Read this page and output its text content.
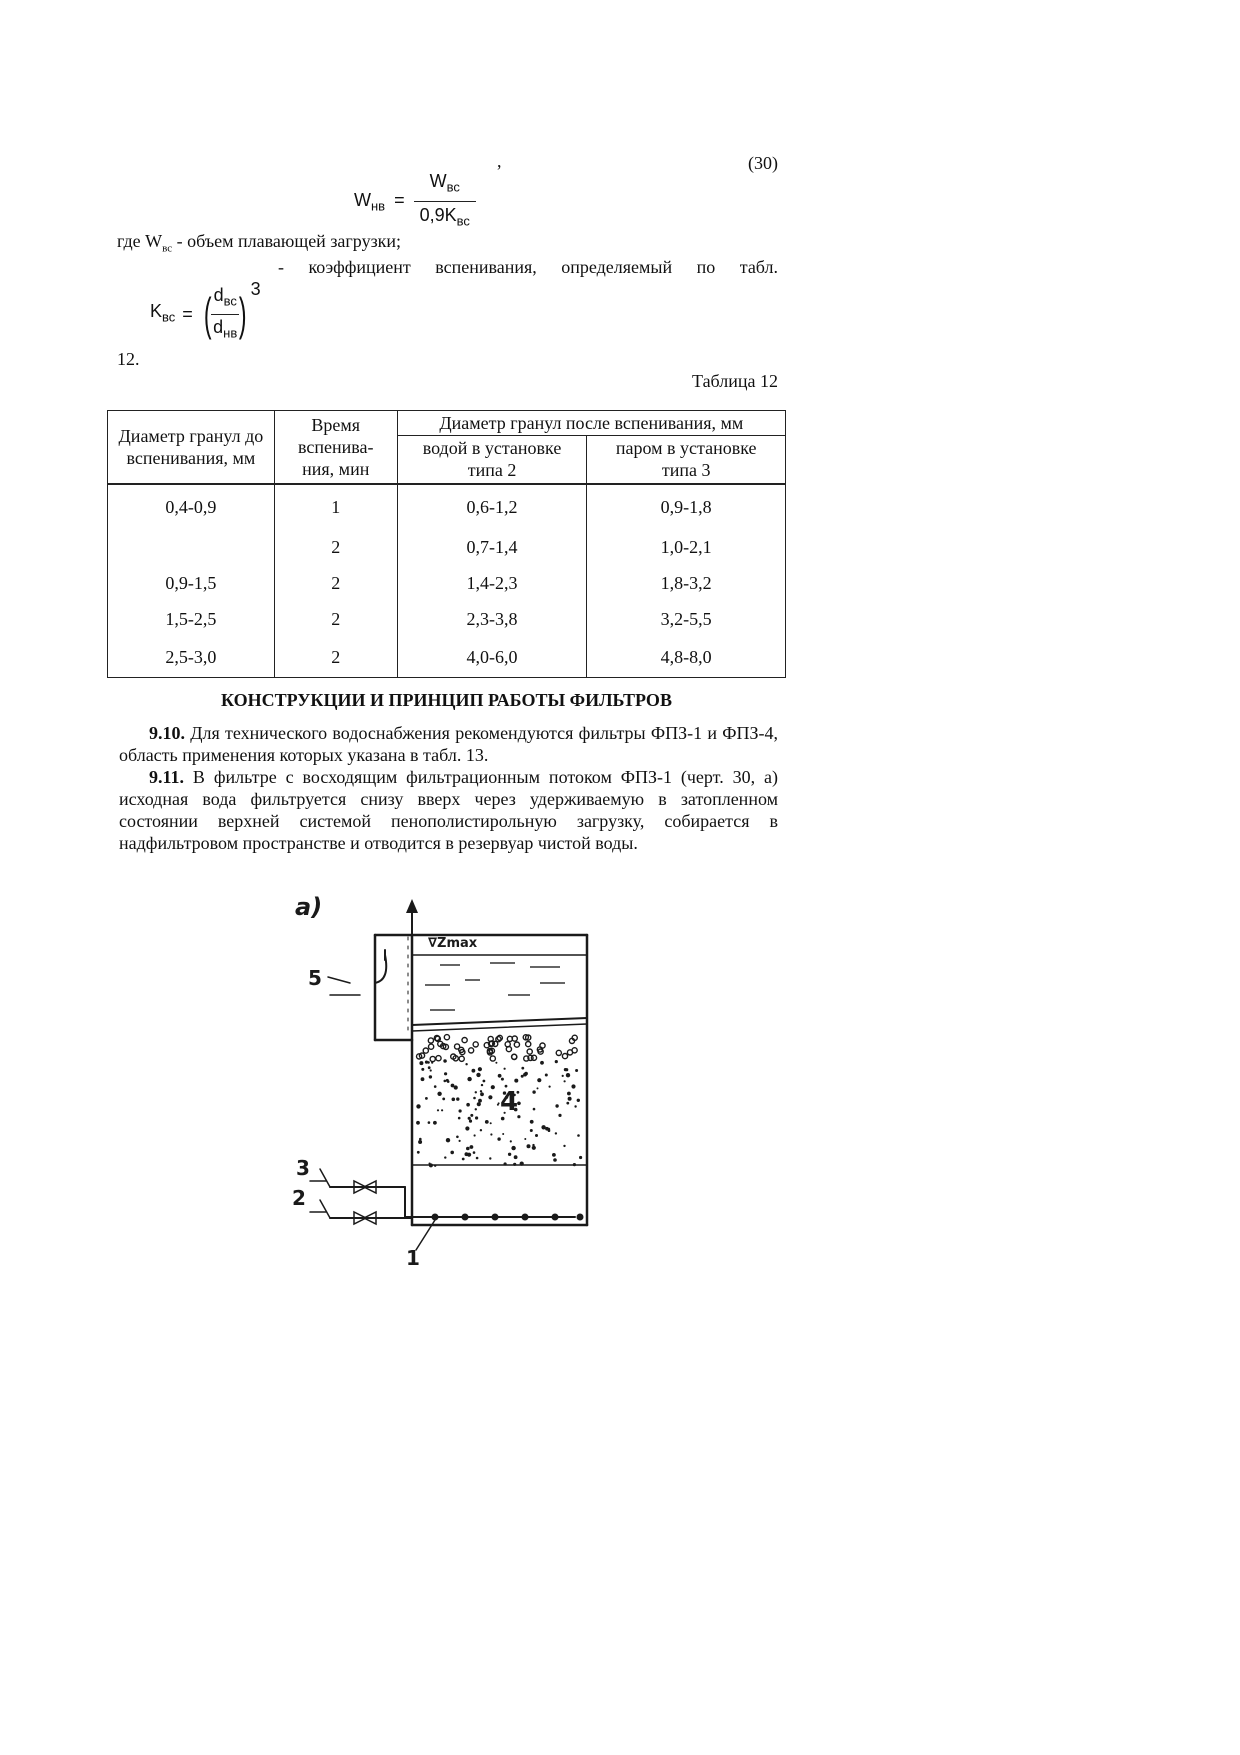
,	(30)
$W_{нв} = \frac{W_{вс}}{0,9K_{вс}}$
где $W_{вс}$ - объем плавающей загрузки;
- коэффициент вспенивания, определяемый по табл.
$K_{вс}$ = ( $\frac{d_{вс}}{d_{нв}}$ ) 3
12.
Таблица 12
Диаметр гранул до вспенивания, мм	Время вспенива-ния, мин	Диаметр гранул после вспенивания, мм	
		водой в установке типа 2	паром в установке типа 3
0,4-0,9	1	0,6-1,2	0,9-1,8
	2	0,7-1,4	1,0-2,1
0,9-1,5	2	1,4-2,3	1,8-3,2
1,5-2,5	2	2,3-3,8	3,2-5,5
2,5-3,0	2	4,0-6,0	4,8-8,0
КОНСТРУКЦИИ И ПРИНЦИП РАБОТЫ ФИЛЬТРОВ
9.10. Для технического водоснабжения рекомендуются фильтры ФПЗ-1 и ФПЗ-4, область применения которых указана в табл. 13.
9.11. В фильтре с восходящим фильтрационным потоком ФПЗ-1 (черт. 30, а) исходная вода фильтруется снизу вверх через удерживаемую в затопленном состоянии верхней системой пенополистирольную загрузку, собирается в надфильтровом пространстве и отводится в резервуар чистой воды.
а)
∇Zmax
1
2
3
4
5
